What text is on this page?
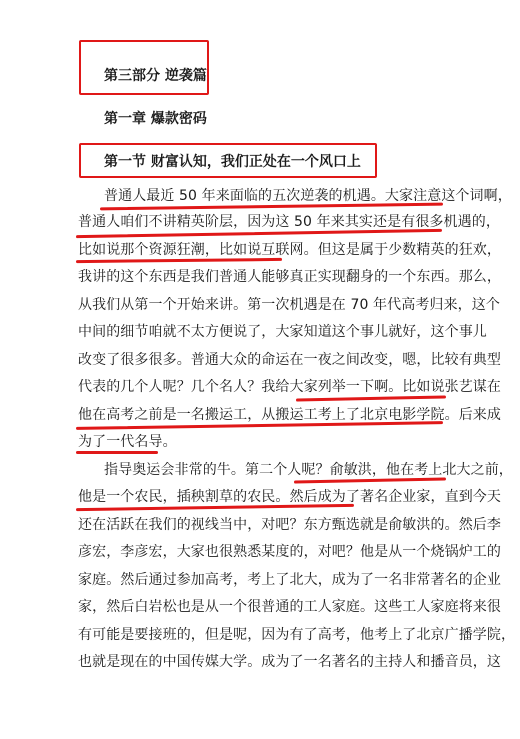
第三部分 逆袭篇
第一章 爆款密码
第一节 财富认知，我们正处在一个风口上
普通人最近 50 年来面临的五次逆袭的机遇。大家注意这个词啊，
普通人咱们不讲精英阶层，因为这 50 年来其实还是有很多机遇的，
比如说那个资源狂潮，比如说互联网。但这是属于少数精英的狂欢，
我讲的这个东西是我们普通人能够真正实现翻身的一个东西。那么，
从我们从第一个开始来讲。第一次机遇是在 70 年代高考归来，这个
中间的细节咱就不太方便说了，大家知道这个事儿就好，这个事儿
改变了很多很多。普通大众的命运在一夜之间改变，嗯，比较有典型
代表的几个人呢？几个名人？我给大家列举一下啊。比如说张艺谋在
他在高考之前是一名搬运工，从搬运工考上了北京电影学院。后来成
为了一代名导。
指导奥运会非常的牛。第二个人呢？俞敏洪，他在考上北大之前，
他是一个农民，插秧割草的农民。然后成为了著名企业家，直到今天
还在活跃在我们的视线当中，对吧？东方甄选就是俞敏洪的。然后李
彦宏，李彦宏，大家也很熟悉某度的，对吧？他是从一个烧锅炉工的
家庭。然后通过参加高考，考上了北大，成为了一名非常著名的企业
家，然后白岩松也是从一个很普通的工人家庭。这些工人家庭将来很
有可能是要接班的，但是呢，因为有了高考，他考上了北京广播学院，
也就是现在的中国传媒大学。成为了一名著名的主持人和播音员，这
